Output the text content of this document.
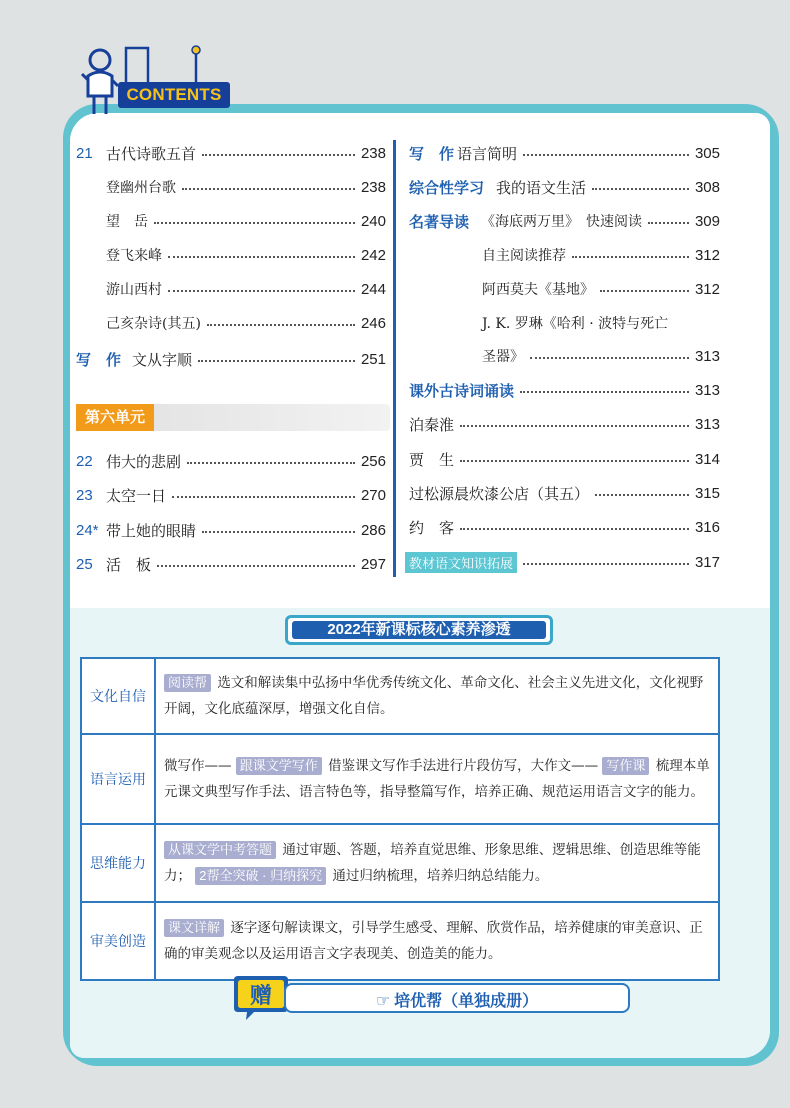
CONTENTS
21 古代诗歌五首	238
登幽州台歌	238
望　岳	240
登飞来峰	242
游山西村	244
己亥杂诗(其五)	246
写　作 文从字顺	251
第六单元
22 伟大的悲剧	256
23 太空一日	270
24* 带上她的眼睛	286
25 活　板	297
写　作 语言简明	305
综合性学习 我的语文生活	308
名著导读 《海底两万里》　快速阅读	309
自主阅读推荐	312
阿西莫夫《基地》	312
J. K. 罗琳《哈利 · 波特与死亡
圣器》	313
课外古诗词诵读	313
泊秦淮	313
贾　生	314
过松源晨炊漆公店（其五）	315
约　客	316
教材语文知识拓展	317
2022年新课标核心素养渗透
文化自信	阅读帮 选文和解读集中弘扬中华优秀传统文化、革命文化、社会主义先进文化，文化视野开阔，文化底蕴深厚，增强文化自信。
语言运用	微写作—— 跟课文学写作 借鉴课文写作手法进行片段仿写，大作文—— 写作课 梳理本单元课文典型写作手法、语言特色等，指导整篇写作，培养正确、规范运用语言文字的能力。
思维能力	从课文学中考答题 通过审题、答题，培养直觉思维、形象思维、逻辑思维、创造思维等能力； 2帮全突破 · 归纳探究 通过归纳梳理，培养归纳总结能力。
审美创造	课文详解 逐字逐句解读课文，引导学生感受、理解、欣赏作品，培养健康的审美意识、正确的审美观念以及运用语言文字表现美、创造美的能力。
赠	☞ 培优帮（单独成册）
